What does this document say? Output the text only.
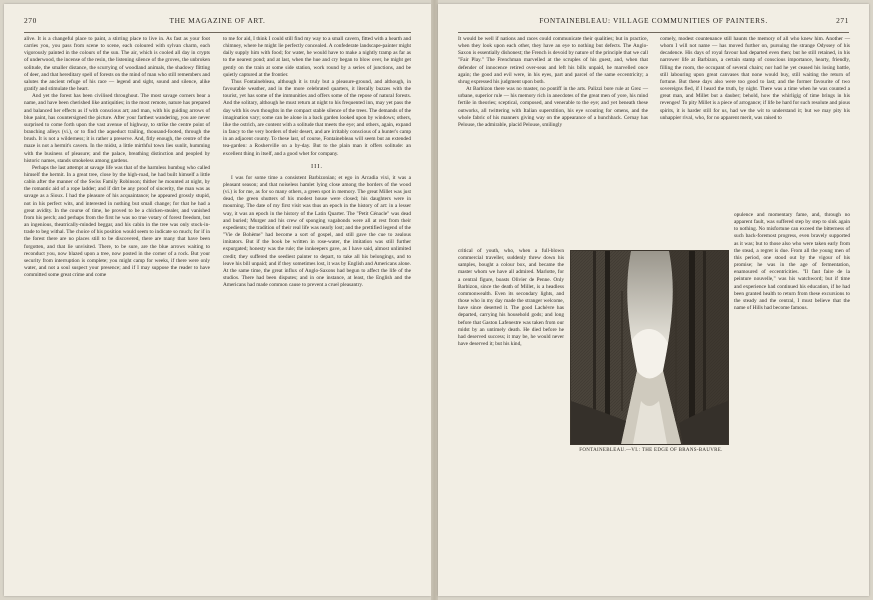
270	THE MAGAZINE OF ART.

alive. It is a changeful place to paint, a stirring place to live in. As fast as your foot carries you, you pass from scene to scene, each coloured with sylvan charm, each vigorously painted in the colours of the sun. The air, which is cooled all day in crypts of underwood, the incense of the resin, the listening silence of the groves, the unbroken solitude, the smaller distance, the scurrying of woodland animals, the shadowy flitting of deer, and that hereditary spell of forests on the mind of man who still remembers and salutes the ancient refuge of his race — legend and sight, sound and silence, alike gratify and stimulate the heart.

And yet the forest has been civilised throughout. The most savage corners bear a name, and have been cherished like antiquities; in the most remote, nature has prepared and balanced her effects as if with conscious art; and man, with his guiding arrows of blue paint, has countersigned the picture. After your farthest wandering, you are never surprised to come forth upon the vast avenue of highway, to strike the centre point of branching alleys (vi.), or to find the aqueduct trailing, thousand-footed, through the brush. It is not a wilderness; it is rather a preserve. And, fitly enough, the centre of the maze is not a hermit's cavern. In the midst, a little mirthful town lies sunlit, humming with the business of pleasure; and the palace, breathing distinction and peopled by historic names, stands smokeless among gardens.

Perhaps the last attempt at savage life was that of the harmless humbug who called himself the hermit. In a great tree, close by the high-road, he had built himself a little cabin after the manner of the Swiss Family Robinson; thither he mounted at night, by the romantic aid of a rope ladder; and if dirt be any proof of sincerity, the man was as savage as a Sioux. I had the pleasure of his acquaintance; he appeared grossly stupid, not in his perfect wits, and interested in nothing but small change; for that he had a great avidity. In the course of time, he proved to be a chicken-stealer, and vanished from his perch; and perhaps from the first he was no true votary of forest freedom, but an ingenious, theatrically-minded beggar, and his cabin in the tree was only stock-in-trade to beg withal. The choice of his position would seem to indicate so much; for if in the forest there are no places still to be discovered, there are many that have been forgotten, and that lie unvisited. There, to be sure, are the blue arrows waiting to reconduct you, now blazed upon a tree, now posted in the corner of a rock. But your security from interruption is complete; you might camp for weeks, if there were only water, and not a soul suspect your presence; and if I may suppose the reader to have committed some great crime and come

to me for aid, I think I could still find my way to a small cavern, fitted with a hearth and chimney, where he might lie perfectly concealed. A confederate landscape-painter might daily supply him with food; for water, he would have to make a nightly tramp as far as to the nearest pond; and at last, when the hue and cry began to blow over, he might get gently on the train at some side station, work round by a series of junctions, and be quietly captured at the frontier.

Thus Fontainebleau, although it is truly but a pleasure-ground, and although, in favourable weather, and in the more celebrated quarters, it literally buzzes with the tourist, yet has some of the immunities and offers some of the repose of natural forests. And the solitary, although he must return at night to his frequented inn, may yet pass the day with his own thoughts in the compact stable silence of the trees. The demands of the imagination vary; some can be alone in a back garden looked upon by windows; others, like the ostrich, are content with a solitude that meets the eye; and others, again, expand in fancy to the very borders of their desert, and are irritably conscious of a hunter's camp in an adjacent county. To these last, of course, Fontainebleau will seem but an extended tea-garden: a Rosherville on a by-day. But to the plain man it offers solitude: an excellent thing in itself, and a good whet for company.

III.

I was for some time a consistent Barbizonian; et ego in Arcadia vixi, it was a pleasant season; and that noiseless hamlet lying close among the borders of the wood (vi.) is for me, as for so many others, a green spot in memory. The great Millet was just dead, the green shutters of his modest house were closed; his daughters were in mourning. The date of my first visit was thus an epoch in the history of art: in a lesser way, it was an epoch in the history of the Latin Quarter. The "Petit Cénacle" was dead and buried; Murger and his crew of sponging vagabonds were all at rest from their expedients; the tradition of their real life was nearly lost; and the prettified legend of the "Vie de Bohème" had become a sort of gospel, and still gave the cue to zealous imitators. But if the book be written in rose-water, the imitation was still further expurgated; honesty was the rule; the innkeepers gave, as I have said, almost unlimited credit; they suffered the seediest painter to depart, to take all his belongings, and to leave his bill unpaid; and if they sometimes lost, it was by English and Americans alone. At the same time, the great influx of Anglo-Saxons had begun to affect the life of the studios. There had been disputes; and in one instance, at least, the English and the Americans had made common cause to prevent a cruel pleasantry.

FONTAINEBLEAU: VILLAGE COMMUNITIES OF PAINTERS.	271

It would be well if nations and races could communicate their qualities; but in practice, when they look upon each other, they have an eye to nothing but defects. The Anglo-Saxon is essentially dishonest; the French is devoid by nature of the principle that we call "Fair Play." The Frenchman marvelled at the scruples of his guest, and, when that defender of innocence retired over-seas and left his bills unpaid, he marvelled once again; the good and evil were, in his eyes, part and parcel of the same eccentricity; a shrug expressed his judgment upon both.

At Barbizon there was no master, no pontiff in the arts. Palizzi bore rule at Grez — urbane, superior rule — his memory rich in anecdotes of the great men of yore, his mind fertile in theories; sceptical, composed, and venerable to the eye; and yet beneath these outworks, all twittering with Italian superstition, his eye scouting for omens, and the whole fabric of his manners giving way on the appearance of a hunchback. Cernay has Pelouse, the admirable, placid Pelouse, smilingly

critical of youth, who, when a full-blown commercial traveller, suddenly threw down his samples, bought a colour box, and became the master whom we have all admired. Marlotte, for a central figure, boasts Olivier de Penne. Only Barbizon, since the death of Millet, is a headless commonwealth. Even its secondary lights, and those who in my day made the stranger welcome, have since deserted it. The good Lachèvre has departed, carrying his household gods; and long before that Gaston Lafenestre was taken from our midst by an untimely death. He died before he had deserved success; it may be, he would never have deserved it; but his kind,

comely, modest countenance still haunts the memory of all who knew him. Another — whom I will not name — has moved further on, pursuing the strange Odyssey of his decadence. His days of royal favour had departed even then; but he still retained, in his narrower life at Barbizon, a certain stamp of conscious importance, hearty, friendly, filling the room, the occupant of several chairs; nor had he yet ceased his losing battle, still labouring upon great canvases that none would buy, still waiting the return of fortune. But these days also were too good to last; and the former favourite of two sovereigns fled, if I heard the truth, by night. There was a time when he was counted a great man, and Millet but a dauber; behold, how the whirligig of time brings in his revenges! To pity Millet is a piece of arrogance; if life be hard for such resolute and pious spirits, it is harder still for us, had we the wit to understand it; but we may pity his unhappier rival, who, for no apparent merit, was raised to

opulence and momentary fame, and, through no apparent fault, was suffered step by step to sink again to nothing. No misfortune can exceed the bitterness of such back-foremost progress, even bravely supported as it was; but to those also who were taken early from the stead, a regret is due. From all the young men of this period, one stood out by the vigour of his promise; he was in the age of fermentation, enamoured of eccentricities. "Il faut faire de la peinture nouvelle," was his watchword; but if time and experience had continued his education, if he had been granted health to return from these excursions to the steady and the central, I must believe that the name of Hills had become famous.

FONTAINEBLEAU.—VI.: THE EDGE OF BRANS-BAUVRE.
